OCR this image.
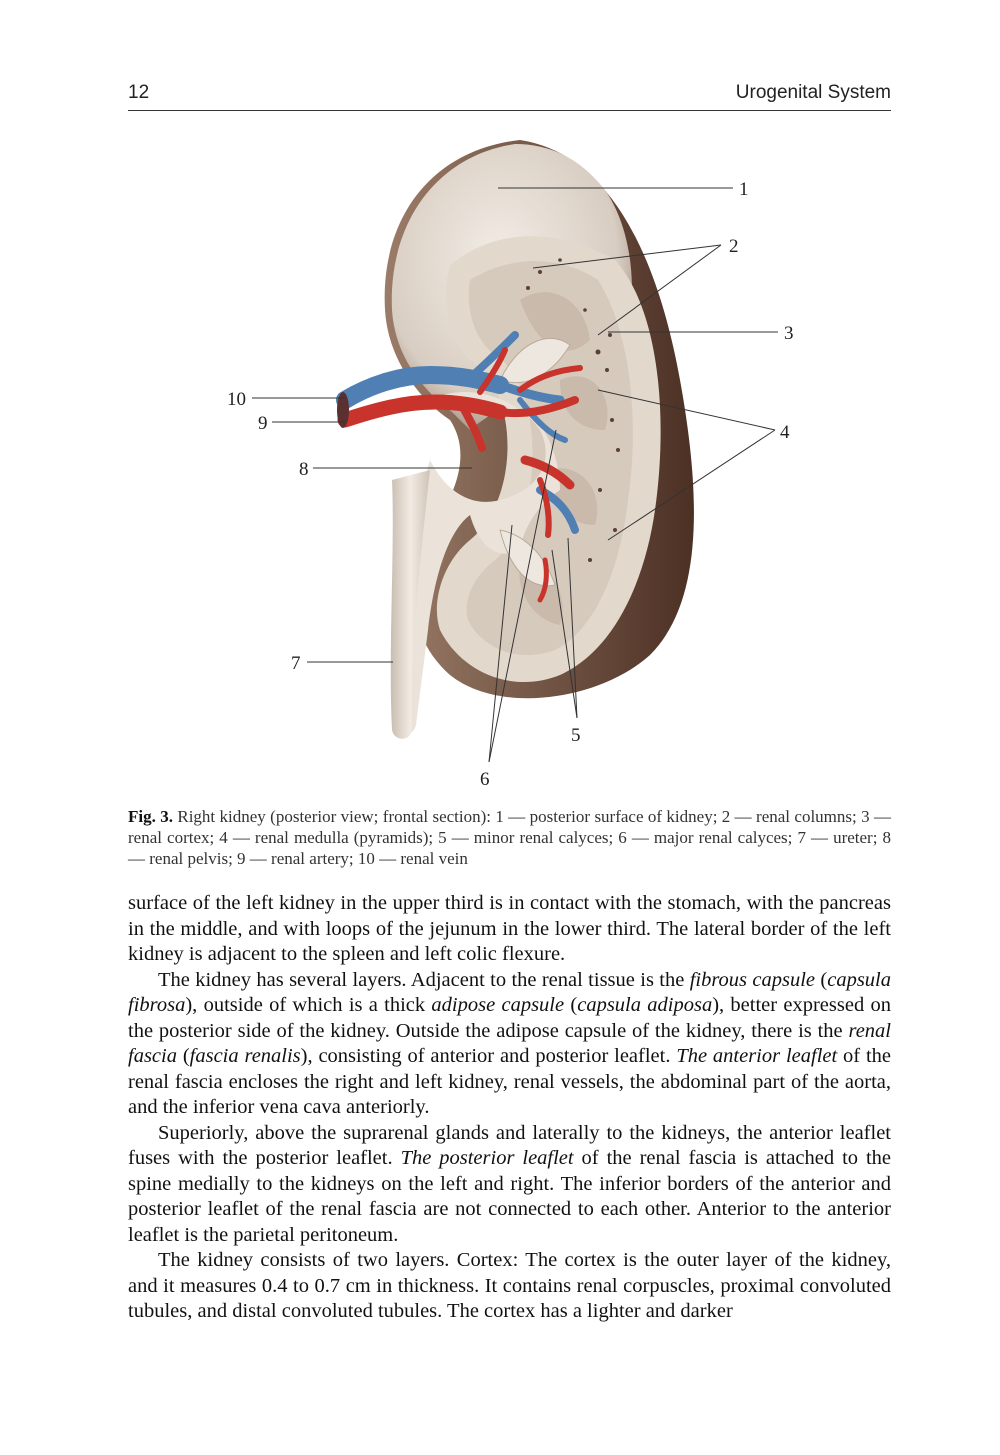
12	Urogenital System
1
2
3
4
5
6
7
8
9
10
Fig. 3. Right kidney (posterior view; frontal section): 1 — posterior surface of kidney; 2 — renal columns; 3 — renal cortex; 4 — renal medulla (pyramids); 5 — minor renal calyces; 6 — major renal calyces; 7 — ureter; 8 — renal pelvis; 9 — renal artery; 10 — renal vein

surface of the left kidney in the upper third is in contact with the stomach, with the pancreas in the middle, and with loops of the jejunum in the lower third. The lateral border of the left kidney is adjacent to the spleen and left colic flexure.

The kidney has several layers. Adjacent to the renal tissue is the fibrous capsule (capsula fibrosa), outside of which is a thick adipose capsule (capsula adiposa), better expressed on the posterior side of the kidney. Outside the adipose capsule of the kidney, there is the renal fascia (fascia renalis), consisting of anterior and posterior leaflet. The anterior leaflet of the renal fascia encloses the right and left kidney, renal vessels, the abdominal part of the aorta, and the inferior vena cava anteriorly.

Superiorly, above the suprarenal glands and laterally to the kidneys, the anterior leaflet fuses with the posterior leaflet. The posterior leaflet of the renal fascia is attached to the spine medially to the kidneys on the left and right. The inferior borders of the anterior and posterior leaflet of the renal fascia are not connected to each other. Anterior to the anterior leaflet is the parietal peritoneum.

The kidney consists of two layers. Cortex: The cortex is the outer layer of the kidney, and it measures 0.4 to 0.7 cm in thickness. It contains renal corpuscles, proximal convoluted tubules, and distal convoluted tubules. The cortex has a lighter and darker
